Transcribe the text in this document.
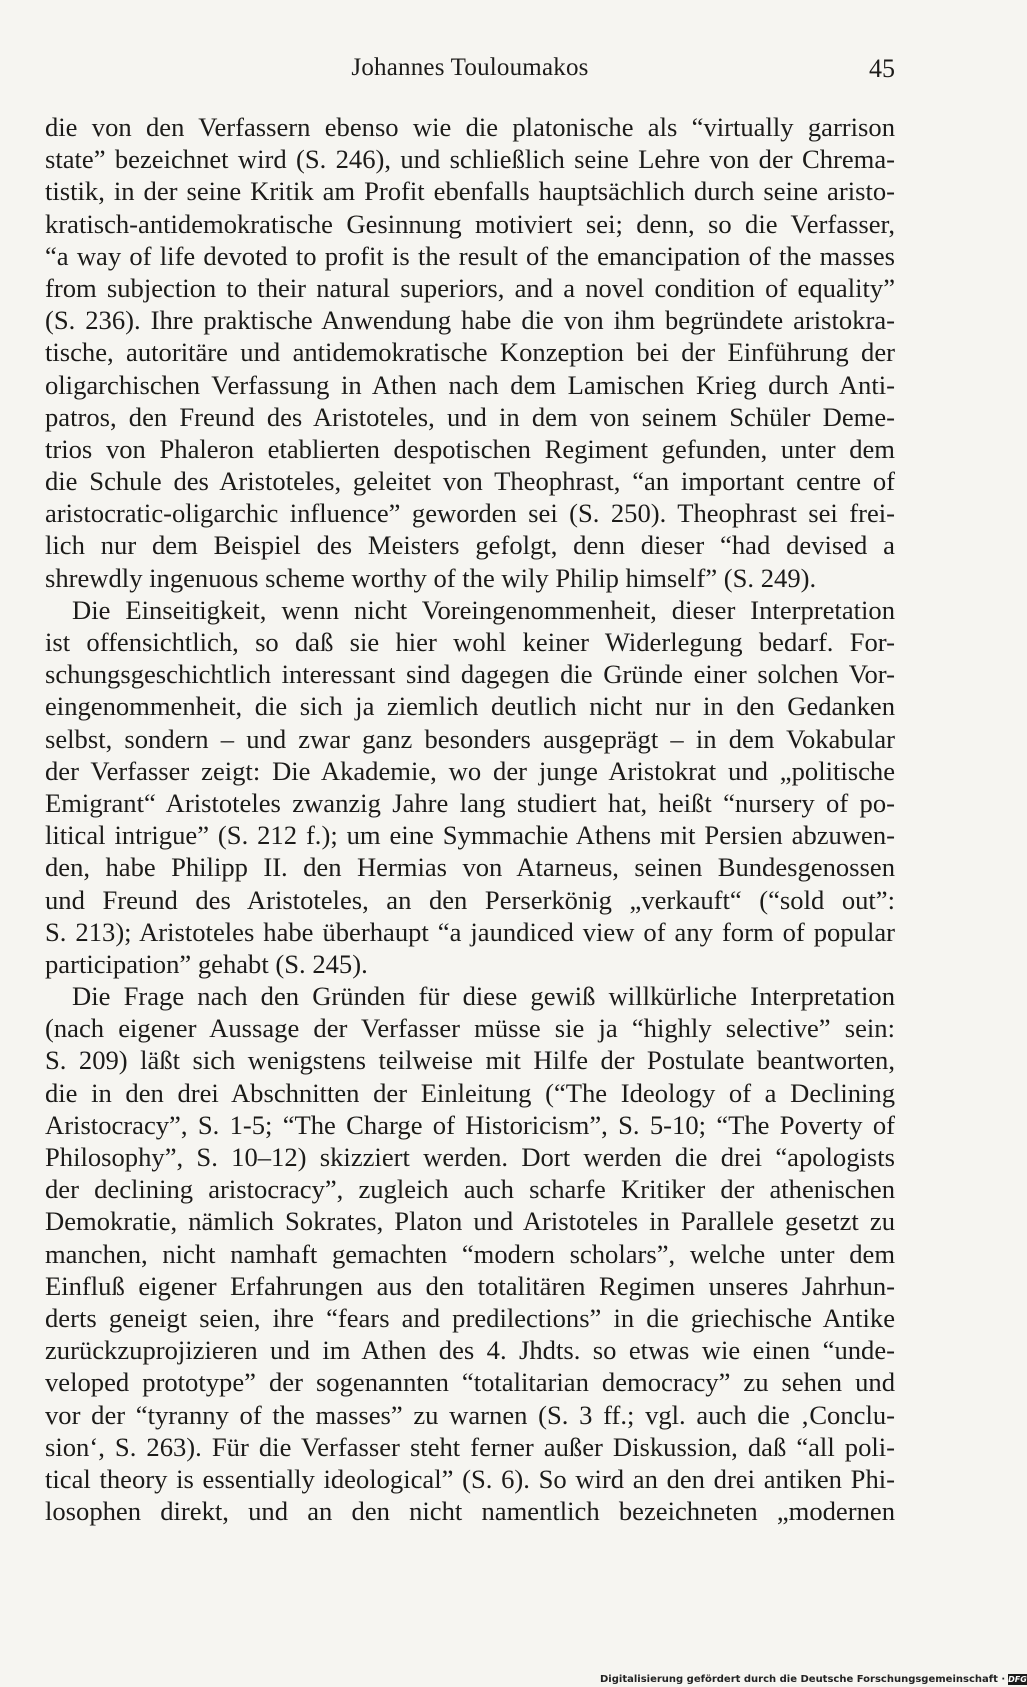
Johannes Touloumakos	45
die von den Verfassern ebenso wie die platonische als “virtually garrison
state” bezeichnet wird (S. 246), und schließlich seine Lehre von der Chrema-
tistik, in der seine Kritik am Profit ebenfalls hauptsächlich durch seine aristo-
kratisch-antidemokratische Gesinnung motiviert sei; denn, so die Verfasser,
“a way of life devoted to profit is the result of the emancipation of the masses
from subjection to their natural superiors, and a novel condition of equality”
(S. 236). Ihre praktische Anwendung habe die von ihm begründete aristokra-
tische, autoritäre und antidemokratische Konzeption bei der Einführung der
oligarchischen Verfassung in Athen nach dem Lamischen Krieg durch Anti-
patros, den Freund des Aristoteles, und in dem von seinem Schüler Deme-
trios von Phaleron etablierten despotischen Regiment gefunden, unter dem
die Schule des Aristoteles, geleitet von Theophrast, “an important centre of
aristocratic-oligarchic influence” geworden sei (S. 250). Theophrast sei frei-
lich nur dem Beispiel des Meisters gefolgt, denn dieser “had devised a
shrewdly ingenuous scheme worthy of the wily Philip himself” (S. 249).
Die Einseitigkeit, wenn nicht Voreingenommenheit, dieser Interpretation
ist offensichtlich, so daß sie hier wohl keiner Widerlegung bedarf. For-
schungsgeschichtlich interessant sind dagegen die Gründe einer solchen Vor-
eingenommenheit, die sich ja ziemlich deutlich nicht nur in den Gedanken
selbst, sondern – und zwar ganz besonders ausgeprägt – in dem Vokabular
der Verfasser zeigt: Die Akademie, wo der junge Aristokrat und „politische
Emigrant“ Aristoteles zwanzig Jahre lang studiert hat, heißt “nursery of po-
litical intrigue” (S. 212 f.); um eine Symmachie Athens mit Persien abzuwen-
den, habe Philipp II. den Hermias von Atarneus, seinen Bundesgenossen
und Freund des Aristoteles, an den Perserkönig „verkauft“ (“sold out”:
S. 213); Aristoteles habe überhaupt “a jaundiced view of any form of popular
participation” gehabt (S. 245).
Die Frage nach den Gründen für diese gewiß willkürliche Interpretation
(nach eigener Aussage der Verfasser müsse sie ja “highly selective” sein:
S. 209) läßt sich wenigstens teilweise mit Hilfe der Postulate beantworten,
die in den drei Abschnitten der Einleitung (“The Ideology of a Declining
Aristocracy”, S. 1-5; “The Charge of Historicism”, S. 5-10; “The Poverty of
Philosophy”, S. 10–12) skizziert werden. Dort werden die drei “apologists
der declining aristocracy”, zugleich auch scharfe Kritiker der athenischen
Demokratie, nämlich Sokrates, Platon und Aristoteles in Parallele gesetzt zu
manchen, nicht namhaft gemachten “modern scholars”, welche unter dem
Einfluß eigener Erfahrungen aus den totalitären Regimen unseres Jahrhun-
derts geneigt seien, ihre “fears and predilections” in die griechische Antike
zurückzuprojizieren und im Athen des 4. Jhdts. so etwas wie einen “unde-
veloped prototype” der sogenannten “totalitarian democracy” zu sehen und
vor der “tyranny of the masses” zu warnen (S. 3 ff.; vgl. auch die ‚Conclu-
sion‘, S. 263). Für die Verfasser steht ferner außer Diskussion, daß “all poli-
tical theory is essentially ideological” (S. 6). So wird an den drei antiken Phi-
losophen direkt, und an den nicht namentlich bezeichneten „modernen
Digitalisierung gefördert durch die Deutsche Forschungsgemeinschaft · DFG
